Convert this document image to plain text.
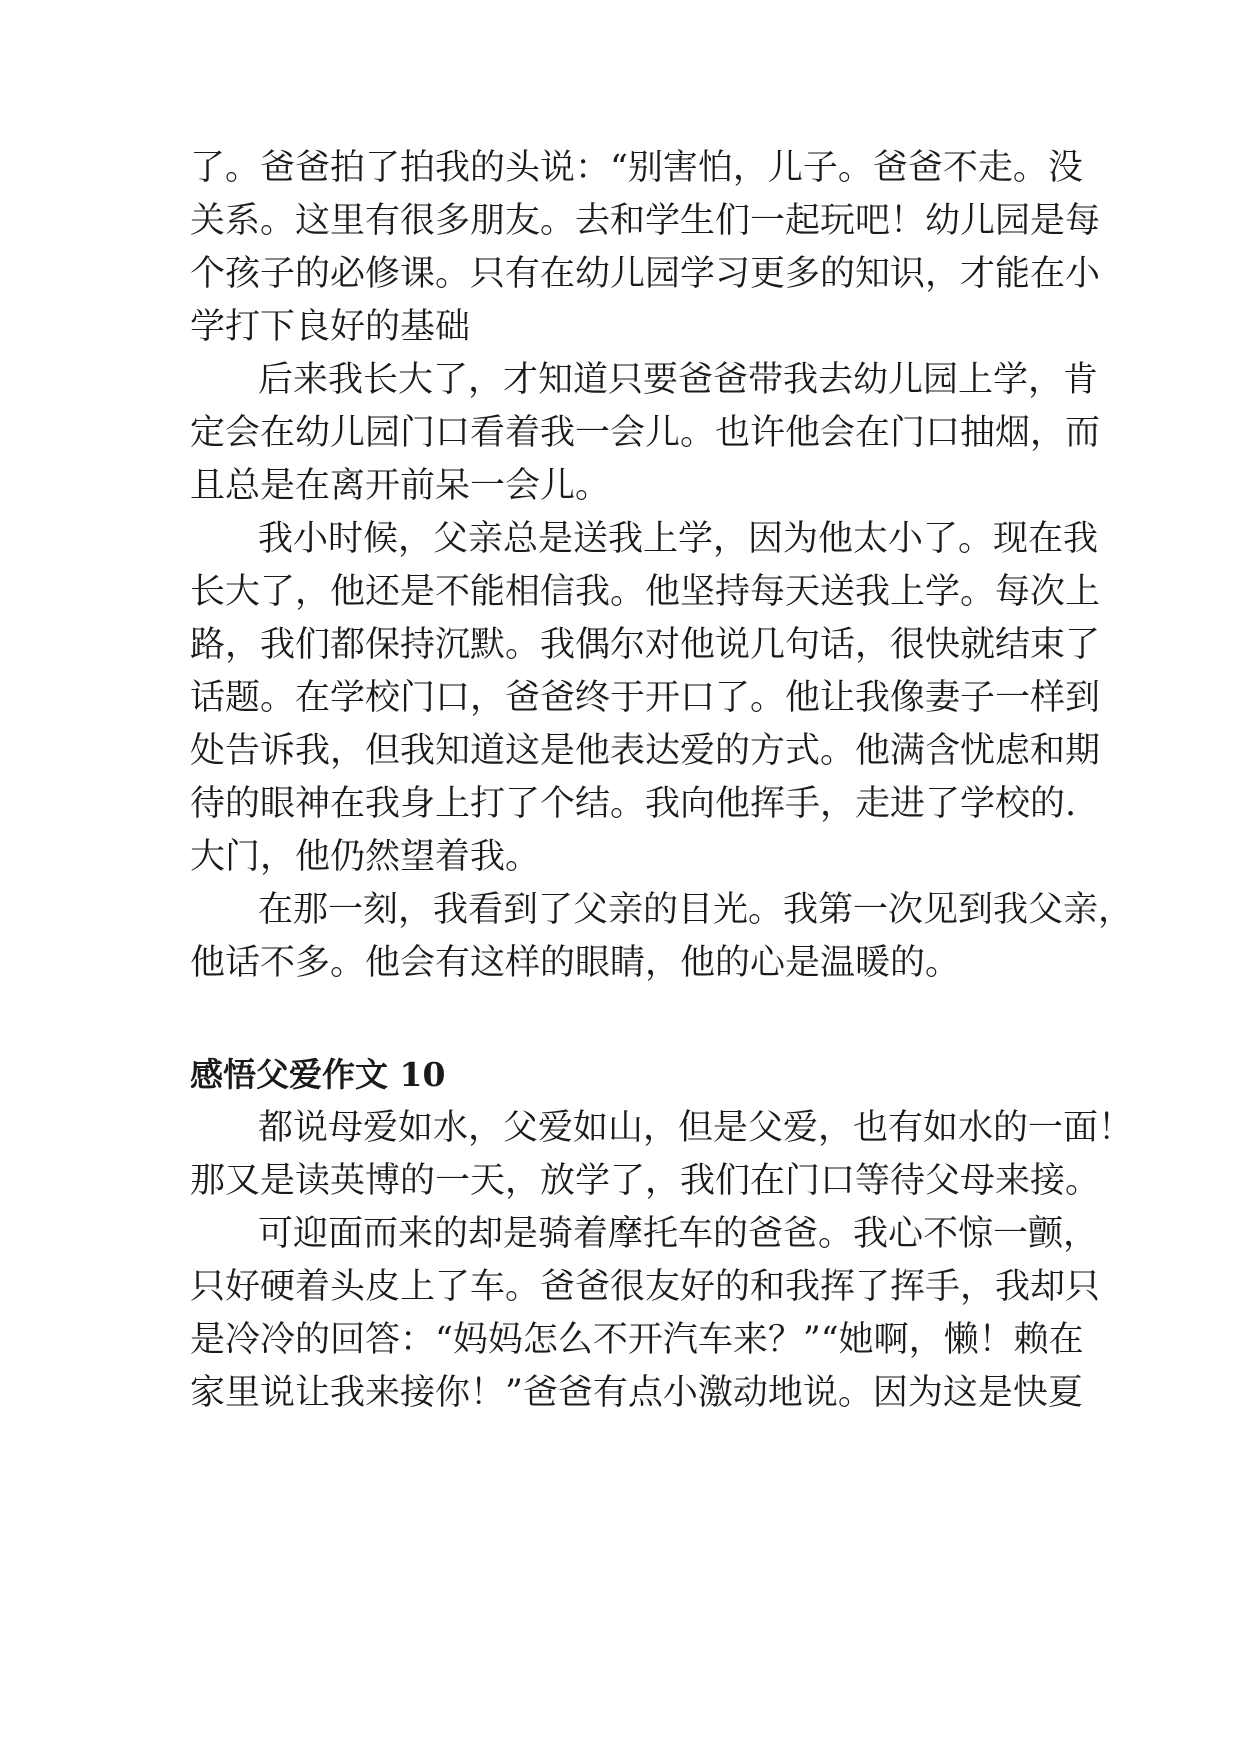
了。爸爸拍了拍我的头说：“别害怕，儿子。爸爸不走。没

关系。这里有很多朋友。去和学生们一起玩吧！幼儿园是每

个孩子的必修课。只有在幼儿园学习更多的知识，才能在小

学打下良好的基础

后来我长大了，才知道只要爸爸带我去幼儿园上学，肯

定会在幼儿园门口看着我一会儿。也许他会在门口抽烟，而

且总是在离开前呆一会儿。

我小时候，父亲总是送我上学，因为他太小了。现在我

长大了，他还是不能相信我。他坚持每天送我上学。每次上

路，我们都保持沉默。我偶尔对他说几句话，很快就结束了

话题。在学校门口，爸爸终于开口了。他让我像妻子一样到

处告诉我，但我知道这是他表达爱的方式。他满含忧虑和期

待的眼神在我身上打了个结。我向他挥手，走进了学校的.

大门，他仍然望着我。

在那一刻，我看到了父亲的目光。我第一次见到我父亲，

他话不多。他会有这样的眼睛，他的心是温暖的。

感悟父爱作文 10

都说母爱如水，父爱如山，但是父爱，也有如水的一面！

那又是读英博的一天，放学了，我们在门口等待父母来接。

可迎面而来的却是骑着摩托车的爸爸。我心不惊一颤，

只好硬着头皮上了车。爸爸很友好的和我挥了挥手，我却只

是冷冷的回答：“妈妈怎么不开汽车来？”“她啊，懒！赖在

家里说让我来接你！”爸爸有点小激动地说。因为这是快夏
